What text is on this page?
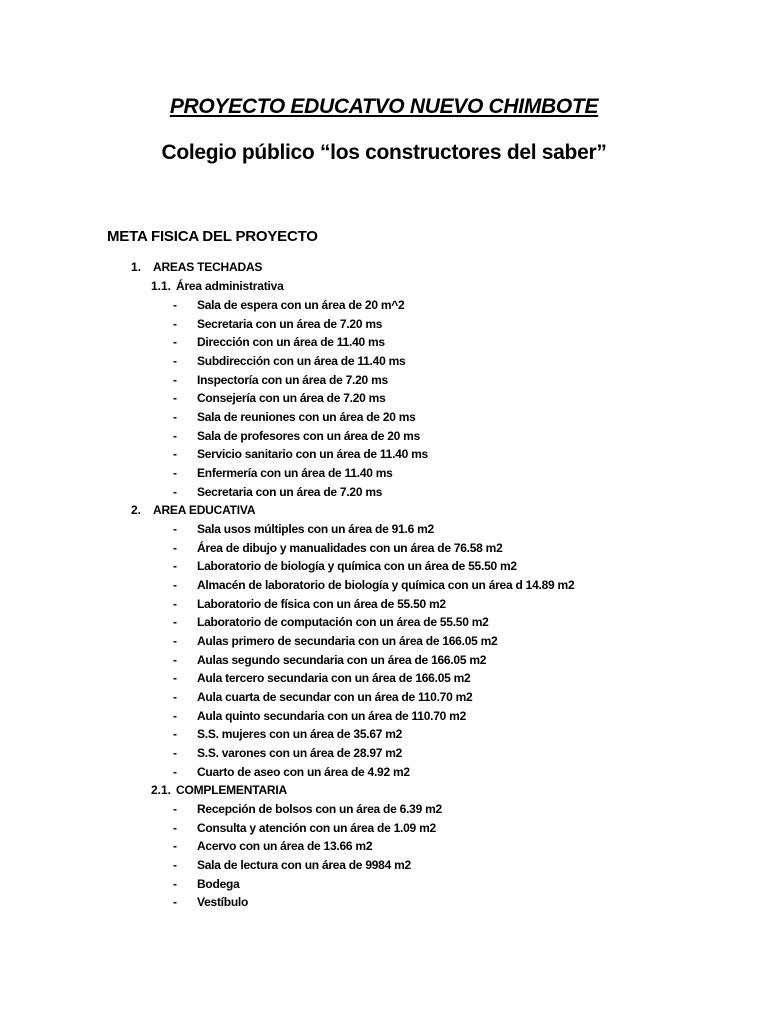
PROYECTO EDUCATVO NUEVO CHIMBOTE
Colegio público “los constructores del saber”
META FISICA DEL PROYECTO
1. AREAS TECHADAS
1.1. Área administrativa
- Sala de espera con un área de 20 m^2
- Secretaria con un área de 7.20 ms
- Dirección con un área de 11.40 ms
- Subdirección con un área de 11.40 ms
- Inspectoría con un área de 7.20 ms
- Consejería con un área de 7.20 ms
- Sala de reuniones con un área de 20 ms
- Sala de profesores con un área de 20 ms
- Servicio sanitario con un área de 11.40 ms
- Enfermería con un área de 11.40 ms
- Secretaria con un área de 7.20 ms
2. AREA EDUCATIVA
- Sala usos múltiples con un área de 91.6 m2
- Área de dibujo y manualidades con un área de 76.58 m2
- Laboratorio de biología y química con un área de 55.50 m2
- Almacén de laboratorio de biología y química con un área d 14.89 m2
- Laboratorio de física con un área de 55.50 m2
- Laboratorio de computación con un área de 55.50 m2
- Aulas primero de secundaria con un área de 166.05 m2
- Aulas segundo secundaria con un área de 166.05 m2
- Aula tercero secundaria con un área de 166.05 m2
- Aula cuarta de secundar con un área de 110.70 m2
- Aula quinto secundaria con un área de 110.70 m2
- S.S. mujeres con un área de 35.67 m2
- S.S. varones con un área de 28.97 m2
- Cuarto de aseo con un área de 4.92 m2
2.1. COMPLEMENTARIA
- Recepción de bolsos con un área de 6.39 m2
- Consulta y atención con un área de 1.09 m2
- Acervo con un área de 13.66 m2
- Sala de lectura con un área de 9984 m2
- Bodega
- Vestíbulo
